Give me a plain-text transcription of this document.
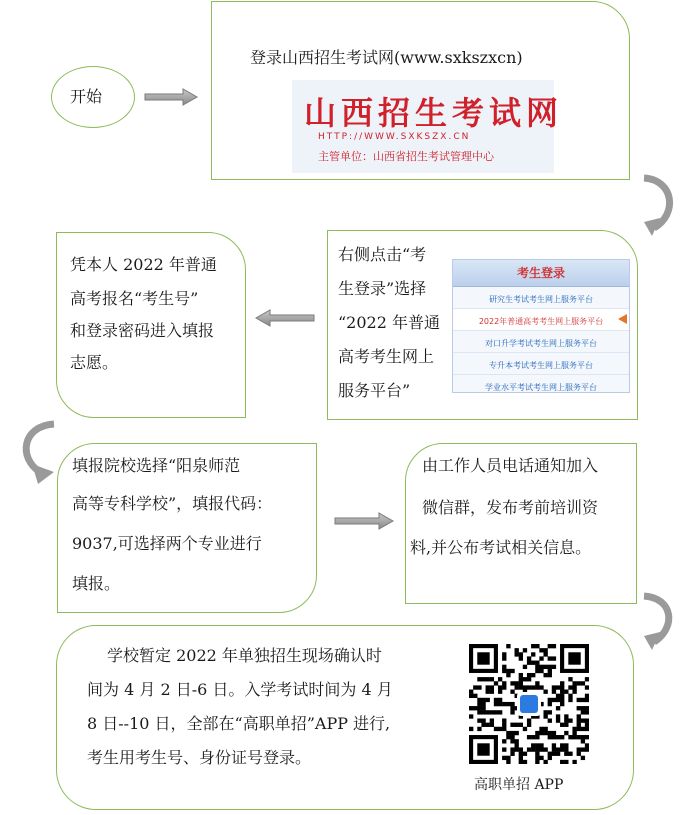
开始
登录山西招生考试网(www.sxkszxcn)
山西招生考试网
HTTP://WWW.SXKSZX.CN
主管单位：山西省招生考试管理中心
右侧点击“考
生登录”选择
“2022 年普通
高考考生网上
服务平台”
考生登录
研究生考试考生网上服务平台
2022年普通高考考生网上服务平台
对口升学考试考生网上服务平台
专升本考试考生网上服务平台
学业水平考试考生网上服务平台
凭本人 2022 年普通
高考报名“考生号”
和登录密码进入填报
志愿。
填报院校选择“阳泉师范
高等专科学校”，填报代码：
9037,可选择两个专业进行
填报。
由工作人员电话通知加入
微信群，发布考前培训资
料,并公布考试相关信息。
学校暂定 2022 年单独招生现场确认时
间为 4 月 2 日-6 日。入学考试时间为 4 月
8 日--10 日，全部在“高职单招”APP 进行,
考生用考生号、身份证号登录。
高职单招 APP
